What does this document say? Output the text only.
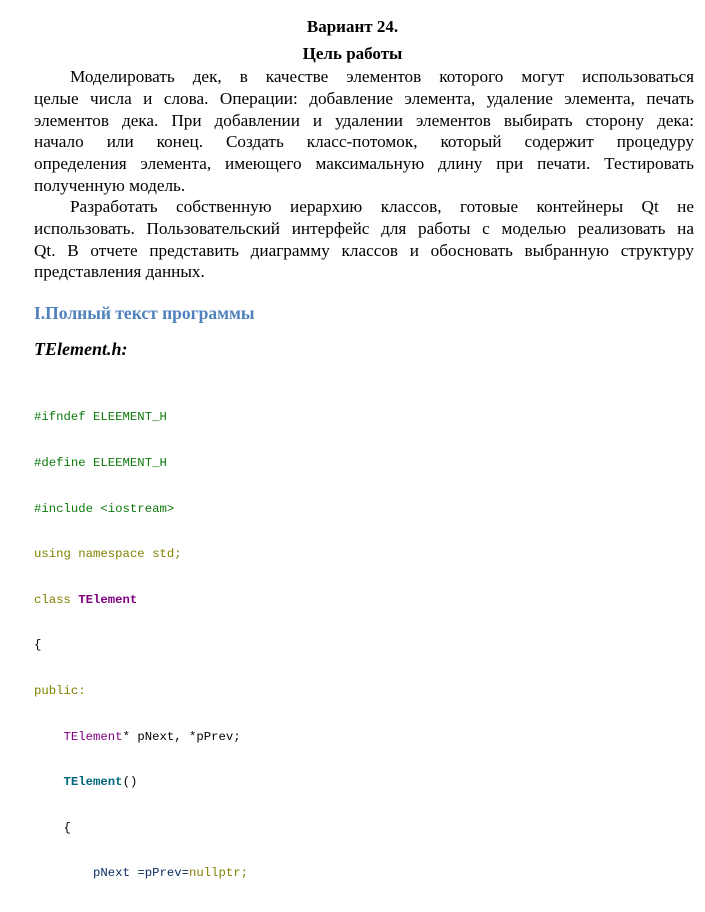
Вариант 24.
Цель работы
Моделировать дек, в качестве элементов которого могут использоваться
целые числа и слова. Операции: добавление элемента, удаление элемента, печать
элементов дека. При добавлении и удалении элементов выбирать сторону дека:
начало или конец. Создать класс-потомок, который содержит процедуру
определения элемента, имеющего максимальную длину при печати. Тестировать
полученную модель.
Разработать собственную иерархию классов, готовые контейнеры Qt не
использовать. Пользовательский интерфейс для работы с моделью реализовать на
Qt. В отчете представить диаграмму классов и обосновать выбранную структуру
представления данных.
I.Полный текст программы
TElement.h:

#ifndef ELEEMENT_H

#define ELEEMENT_H

#include <iostream>

using namespace std;

class TElement

{

public:

TElement* pNext, *pPrev;

TElement()

{

pNext =pPrev=nullptr;
